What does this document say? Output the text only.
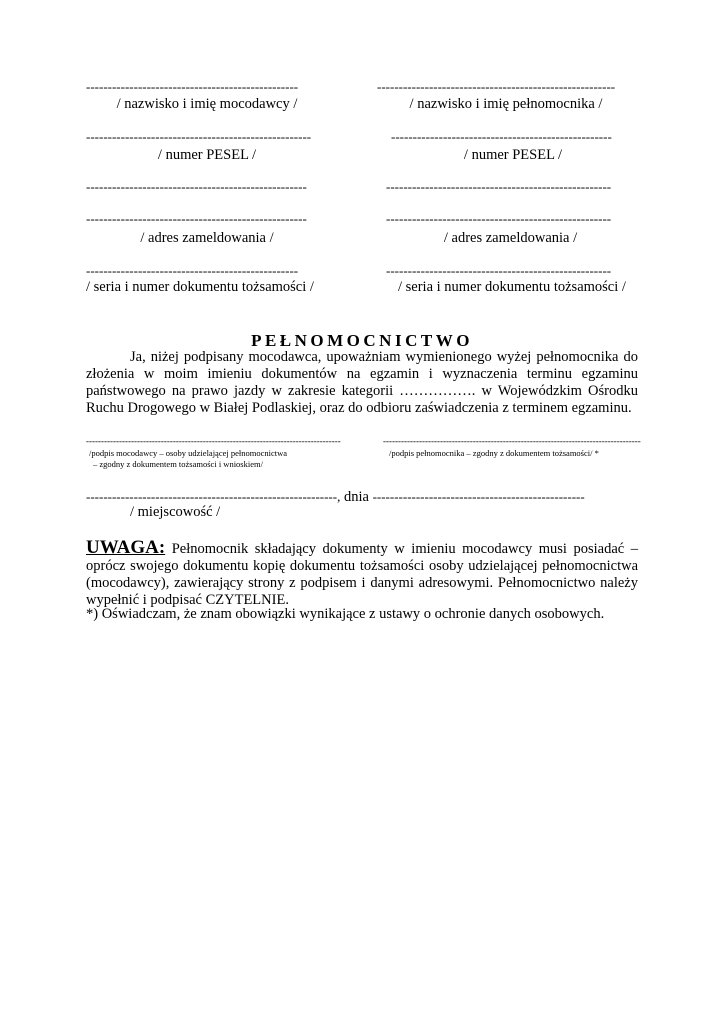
-------------------------------------------------
/ nazwisko i imię mocodawcy /
----------------------------------------------------
/ numer PESEL /
---------------------------------------------------
---------------------------------------------------
/ adres zameldowania /
-------------------------------------------------
/ seria i numer dokumentu tożsamości /
-------------------------------------------------------
/ nazwisko i imię pełnomocnika /
---------------------------------------------------
/ numer PESEL /
----------------------------------------------------
----------------------------------------------------
/ adres zameldowania /
----------------------------------------------------
/ seria i numer dokumentu tożsamości /
PEŁNOMOCNICTWO
Ja, niżej podpisany mocodawca, upoważniam wymienionego wyżej pełnomocnika do złożenia w moim imieniu dokumentów na egzamin i wyznaczenia terminu egzaminu państwowego na prawo jazdy w zakresie kategorii ……………. w Wojewódzkim Ośrodku Ruchu Drogowego w Białej Podlaskiej, oraz do odbioru zaświadczenia z terminem egzaminu.
-------------------------------------------------------------------------------------
/podpis mocodawcy – osoby udzielającej pełnomocnictwa
– zgodny z dokumentem tożsamości i wnioskiem/
--------------------------------------------------------------------------------------
/podpis pełnomocnika – zgodny z dokumentem tożsamości/ *
----------------------------------------------------------, dnia -------------------------------------------------
/ miejscowość /
UWAGA: Pełnomocnik składający dokumenty w imieniu mocodawcy musi posiadać – oprócz swojego dokumentu kopię dokumentu tożsamości osoby udzielającej pełnomocnictwa (mocodawcy), zawierający strony z podpisem i danymi adresowymi. Pełnomocnictwo należy wypełnić i podpisać CZYTELNIE.
*) Oświadczam, że znam obowiązki wynikające z ustawy o ochronie danych osobowych.
